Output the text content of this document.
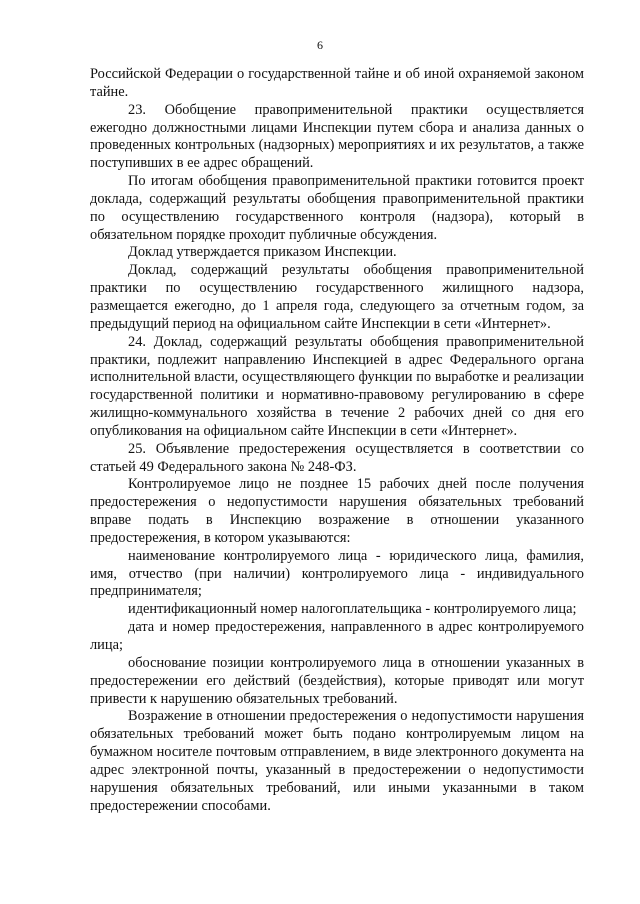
6

Российской Федерации о государственной тайне и об иной охраняемой законом тайне.

23. Обобщение правоприменительной практики осуществляется ежегодно должностными лицами Инспекции путем сбора и анализа данных о проведенных контрольных (надзорных) мероприятиях и их результатов, а также поступивших в ее адрес обращений.

По итогам обобщения правоприменительной практики готовится проект доклада, содержащий результаты обобщения правоприменительной практики по осуществлению государственного контроля (надзора), который в обязательном порядке проходит публичные обсуждения.

Доклад утверждается приказом Инспекции.

Доклад, содержащий результаты обобщения правоприменительной практики по осуществлению государственного жилищного надзора, размещается ежегодно, до 1 апреля года, следующего за отчетным годом, за предыдущий период на официальном сайте Инспекции в сети «Интернет».

24. Доклад, содержащий результаты обобщения правоприменительной практики, подлежит направлению Инспекцией в адрес Федерального органа исполнительной власти, осуществляющего функции по выработке и реализации государственной политики и нормативно-правовому регулированию в сфере жилищно-коммунального хозяйства в течение 2 рабочих дней со дня его опубликования на официальном сайте Инспекции в сети «Интернет».

25. Объявление предостережения осуществляется в соответствии со статьей 49 Федерального закона № 248-ФЗ.

Контролируемое лицо не позднее 15 рабочих дней после получения предостережения о недопустимости нарушения обязательных требований вправе подать в Инспекцию возражение в отношении указанного предостережения, в котором указываются:

наименование контролируемого лица - юридического лица, фамилия, имя, отчество (при наличии) контролируемого лица - индивидуального предпринимателя;

идентификационный номер налогоплательщика - контролируемого лица;

дата и номер предостережения, направленного в адрес контролируемого лица;

обоснование позиции контролируемого лица в отношении указанных в предостережении его действий (бездействия), которые приводят или могут привести к нарушению обязательных требований.

Возражение в отношении предостережения о недопустимости нарушения обязательных требований может быть подано контролируемым лицом на бумажном носителе почтовым отправлением, в виде электронного документа на адрес электронной почты, указанный в предостережении о недопустимости нарушения обязательных требований, или иными указанными в таком предостережении способами.
